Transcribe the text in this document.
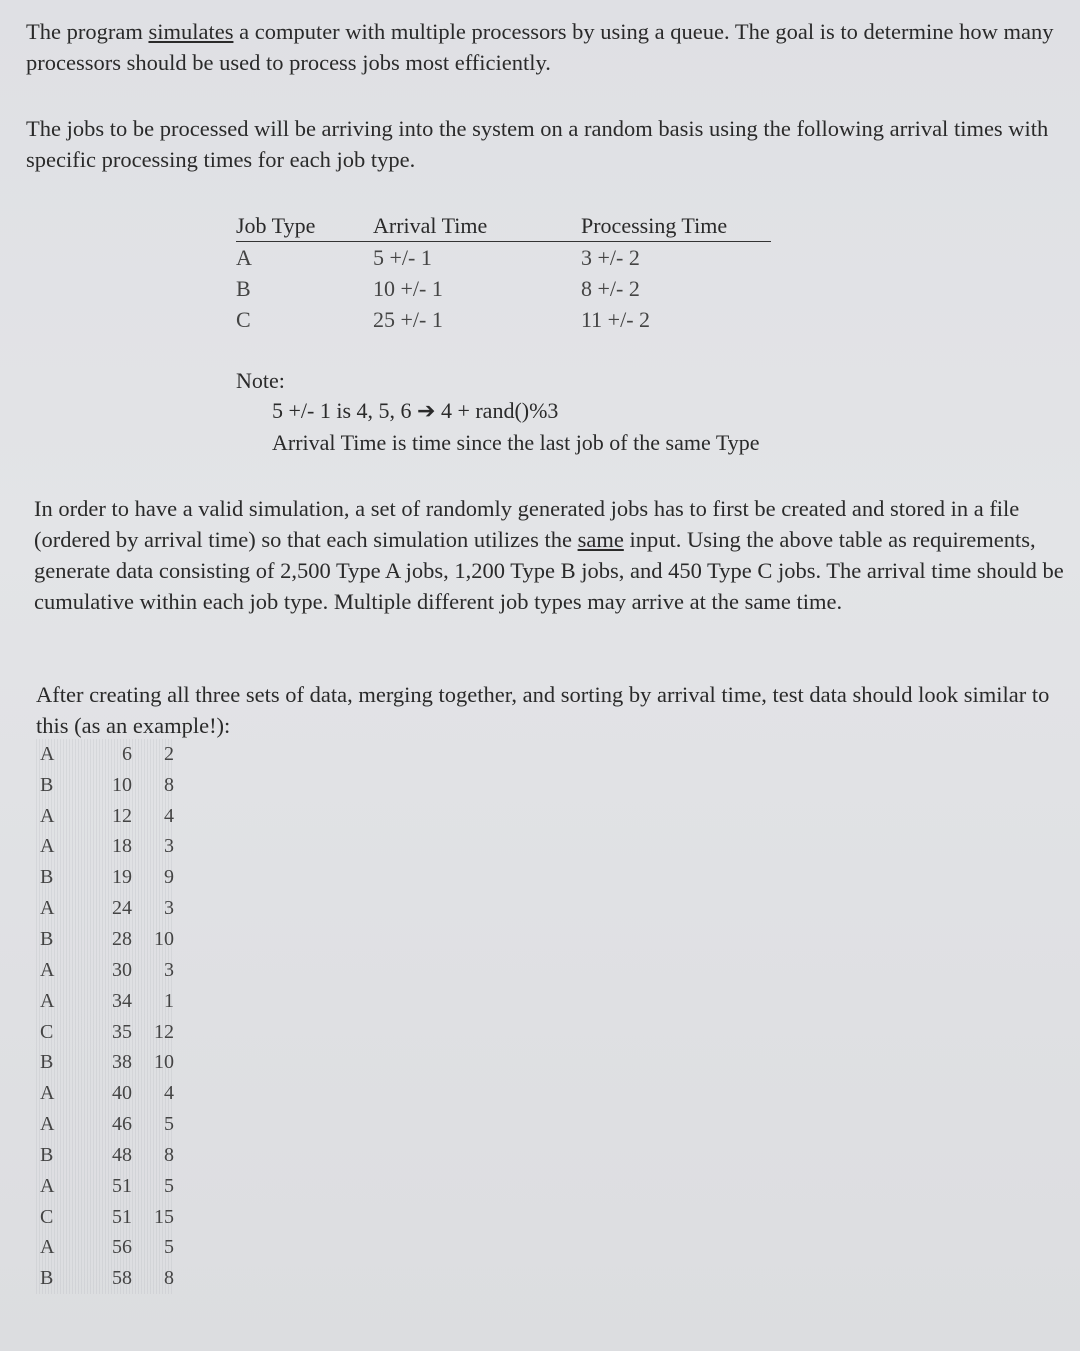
The program simulates a computer with multiple processors by using a queue. The goal is to determine how many processors should be used to process jobs most efficiently.

The jobs to be processed will be arriving into the system on a random basis using the following arrival times with specific processing times for each job type.

Job Type	Arrival Time	Processing Time
A	5 +/- 1	3 +/- 2
B	10 +/- 1	8 +/- 2
C	25 +/- 1	11 +/- 2
Note:
5 +/- 1 is 4, 5, 6 ➔ 4 + rand()%3
Arrival Time is time since the last job of the same Type

In order to have a valid simulation, a set of randomly generated jobs has to first be created and stored in a file (ordered by arrival time) so that each simulation utilizes the same input. Using the above table as requirements, generate data consisting of 2,500 Type A jobs, 1,200 Type B jobs, and 450 Type C jobs. The arrival time should be cumulative within each job type. Multiple different job types may arrive at the same time.

After creating all three sets of data, merging together, and sorting by arrival time, test data should look similar to this (as an example!):

A	6	2
B	10	8
A	12	4
A	18	3
B	19	9
A	24	3
B	28	10
A	30	3
A	34	1
C	35	12
B	38	10
A	40	4
A	46	5
B	48	8
A	51	5
C	51	15
A	56	5
B	58	8
